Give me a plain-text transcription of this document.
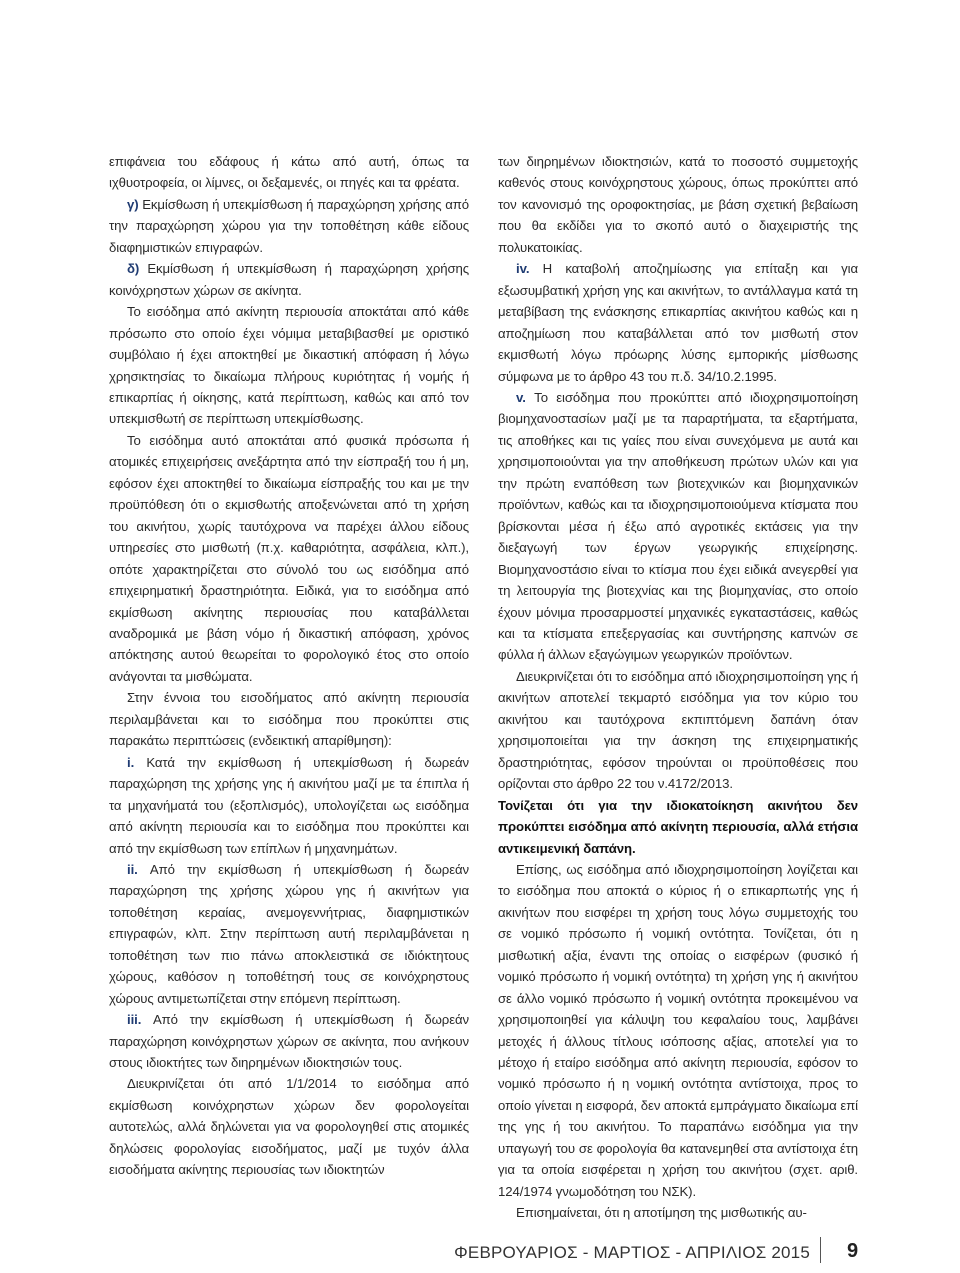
επιφάνεια του εδάφους ή κάτω από αυτή, όπως τα ιχθυοτροφεία, οι λίμνες, οι δεξαμενές, οι πηγές και τα φρέατα.

γ) Εκμίσθωση ή υπεκμίσθωση ή παραχώρηση χρήσης από την παραχώρηση χώρου για την τοποθέτηση κάθε είδους διαφημιστικών επιγραφών.

δ) Εκμίσθωση ή υπεκμίσθωση ή παραχώρηση χρήσης κοινόχρηστων χώρων σε ακίνητα.

Το εισόδημα από ακίνητη περιουσία αποκτάται από κάθε πρόσωπο στο οποίο έχει νόμιμα μεταβιβασθεί με οριστικό συμβόλαιο ή έχει αποκτηθεί με δικαστική απόφαση ή λόγω χρησικτησίας το δικαίωμα πλήρους κυριότητας ή νομής ή επικαρπίας ή οίκησης, κατά περίπτωση, καθώς και από τον υπεκμισθωτή σε περίπτωση υπεκμίσθωσης.

Το εισόδημα αυτό αποκτάται από φυσικά πρόσωπα ή ατομικές επιχειρήσεις ανεξάρτητα από την είσπραξή του ή μη, εφόσον έχει αποκτηθεί το δικαίωμα είσπραξής του και με την προϋπόθεση ότι ο εκμισθωτής αποξενώνεται από τη χρήση του ακινήτου, χωρίς ταυτόχρονα να παρέχει άλλου είδους υπηρεσίες στο μισθωτή (π.χ. καθαριότητα, ασφάλεια, κλπ.), οπότε χαρακτηρίζεται στο σύνολό του ως εισόδημα από επιχειρηματική δραστηριότητα. Ειδικά, για το εισόδημα από εκμίσθωση ακίνητης περιουσίας που καταβάλλεται αναδρομικά με βάση νόμο ή δικαστική απόφαση, χρόνος απόκτησης αυτού θεωρείται το φορολογικό έτος στο οποίο ανάγονται τα μισθώματα.

Στην έννοια του εισοδήματος από ακίνητη περιουσία περιλαμβάνεται και το εισόδημα που προκύπτει στις παρακάτω περιπτώσεις (ενδεικτική απαρίθμηση):

i. Κατά την εκμίσθωση ή υπεκμίσθωση ή δωρεάν παραχώρηση της χρήσης γης ή ακινήτου μαζί με τα έπιπλα ή τα μηχανήματά του (εξοπλισμός), υπολογίζεται ως εισόδημα από ακίνητη περιουσία και το εισόδημα που προκύπτει και από την εκμίσθωση των επίπλων ή μηχανημάτων.

ii. Από την εκμίσθωση ή υπεκμίσθωση ή δωρεάν παραχώρηση της χρήσης χώρου γης ή ακινήτων για τοποθέτηση κεραίας, ανεμογεννήτριας, διαφημιστικών επιγραφών, κλπ. Στην περίπτωση αυτή περιλαμβάνεται η τοποθέτηση των πιο πάνω αποκλειστικά σε ιδιόκτητους χώρους, καθόσον η τοποθέτησή τους σε κοινόχρηστους χώρους αντιμετωπίζεται στην επόμενη περίπτωση.

iii. Από την εκμίσθωση ή υπεκμίσθωση ή δωρεάν παραχώρηση κοινόχρηστων χώρων σε ακίνητα, που ανήκουν στους ιδιοκτήτες των διηρημένων ιδιοκτησιών τους.

Διευκρινίζεται ότι από 1/1/2014 το εισόδημα από εκμίσθωση κοινόχρηστων χώρων δεν φορολογείται αυτοτελώς, αλλά δηλώνεται για να φορολογηθεί στις ατομικές δηλώσεις φορολογίας εισοδήματος, μαζί με τυχόν άλλα εισοδήματα ακίνητης περιουσίας των ιδιοκτητών

των διηρημένων ιδιοκτησιών, κατά το ποσοστό συμμετοχής καθενός στους κοινόχρηστους χώρους, όπως προκύπτει από τον κανονισμό της οροφοκτησίας, με βάση σχετική βεβαίωση που θα εκδίδει για το σκοπό αυτό ο διαχειριστής της πολυκατοικίας.

iv. Η καταβολή αποζημίωσης για επίταξη και για εξωσυμβατική χρήση γης και ακινήτων, το αντάλλαγμα κατά τη μεταβίβαση της ενάσκησης επικαρπίας ακινήτου καθώς και η αποζημίωση που καταβάλλεται από τον μισθωτή στον εκμισθωτή λόγω πρόωρης λύσης εμπορικής μίσθωσης σύμφωνα με το άρθρο 43 του π.δ. 34/10.2.1995.

v. Το εισόδημα που προκύπτει από ιδιοχρησιμοποίηση βιομηχανοστασίων μαζί με τα παραρτήματα, τα εξαρτήματα, τις αποθήκες και τις γαίες που είναι συνεχόμενα με αυτά και χρησιμοποιούνται για την αποθήκευση πρώτων υλών και για την πρώτη εναπόθεση των βιοτεχνικών και βιομηχανικών προϊόντων, καθώς και τα ιδιοχρησιμοποιούμενα κτίσματα που βρίσκονται μέσα ή έξω από αγροτικές εκτάσεις για την διεξαγωγή των έργων γεωργικής επιχείρησης. Βιομηχανοστάσιο είναι το κτίσμα που έχει ειδικά ανεγερθεί για τη λειτουργία της βιοτεχνίας και της βιομηχανίας, στο οποίο έχουν μόνιμα προσαρμοστεί μηχανικές εγκαταστάσεις, καθώς και τα κτίσματα επεξεργασίας και συντήρησης καπνών σε φύλλα ή άλλων εξαγώγιμων γεωργικών προϊόντων.

Διευκρινίζεται ότι το εισόδημα από ιδιοχρησιμοποίηση γης ή ακινήτων αποτελεί τεκμαρτό εισόδημα για τον κύριο του ακινήτου και ταυτόχρονα εκπιπτόμενη δαπάνη όταν χρησιμοποιείται για την άσκηση της επιχειρηματικής δραστηριότητας, εφόσον τηρούνται οι προϋποθέσεις που ορίζονται στο άρθρο 22 του ν.4172/2013.

Τονίζεται ότι για την ιδιοκατοίκηση ακινήτου δεν προκύπτει εισόδημα από ακίνητη περιουσία, αλλά ετήσια αντικειμενική δαπάνη.

Επίσης, ως εισόδημα από ιδιοχρησιμοποίηση λογίζεται και το εισόδημα που αποκτά ο κύριος ή ο επικαρπωτής γης ή ακινήτων που εισφέρει τη χρήση τους λόγω συμμετοχής του σε νομικό πρόσωπο ή νομική οντότητα. Τονίζεται, ότι η μισθωτική αξία, έναντι της οποίας ο εισφέρων (φυσικό ή νομικό πρόσωπο ή νομική οντότητα) τη χρήση γης ή ακινήτου σε άλλο νομικό πρόσωπο ή νομική οντότητα προκειμένου να χρησιμοποιηθεί για κάλυψη του κεφαλαίου τους, λαμβάνει μετοχές ή άλλους τίτλους ισόποσης αξίας, αποτελεί για το μέτοχο ή εταίρο εισόδημα από ακίνητη περιουσία, εφόσον το νομικό πρόσωπο ή η νομική οντότητα αντίστοιχα, προς το οποίο γίνεται η εισφορά, δεν αποκτά εμπράγματο δικαίωμα επί της γης ή του ακινήτου. Το παραπάνω εισόδημα για την υπαγωγή του σε φορολογία θα κατανεμηθεί στα αντίστοιχα έτη για τα οποία εισφέρεται η χρήση του ακινήτου (σχετ. αριθ. 124/1974 γνωμοδότηση του ΝΣΚ).

Επισημαίνεται, ότι η αποτίμηση της μισθωτικής αυ-

ΦΕΒΡΟΥΑΡΙΟΣ - ΜΑΡΤΙΟΣ - ΑΠΡΙΛΙΟΣ 2015 9
